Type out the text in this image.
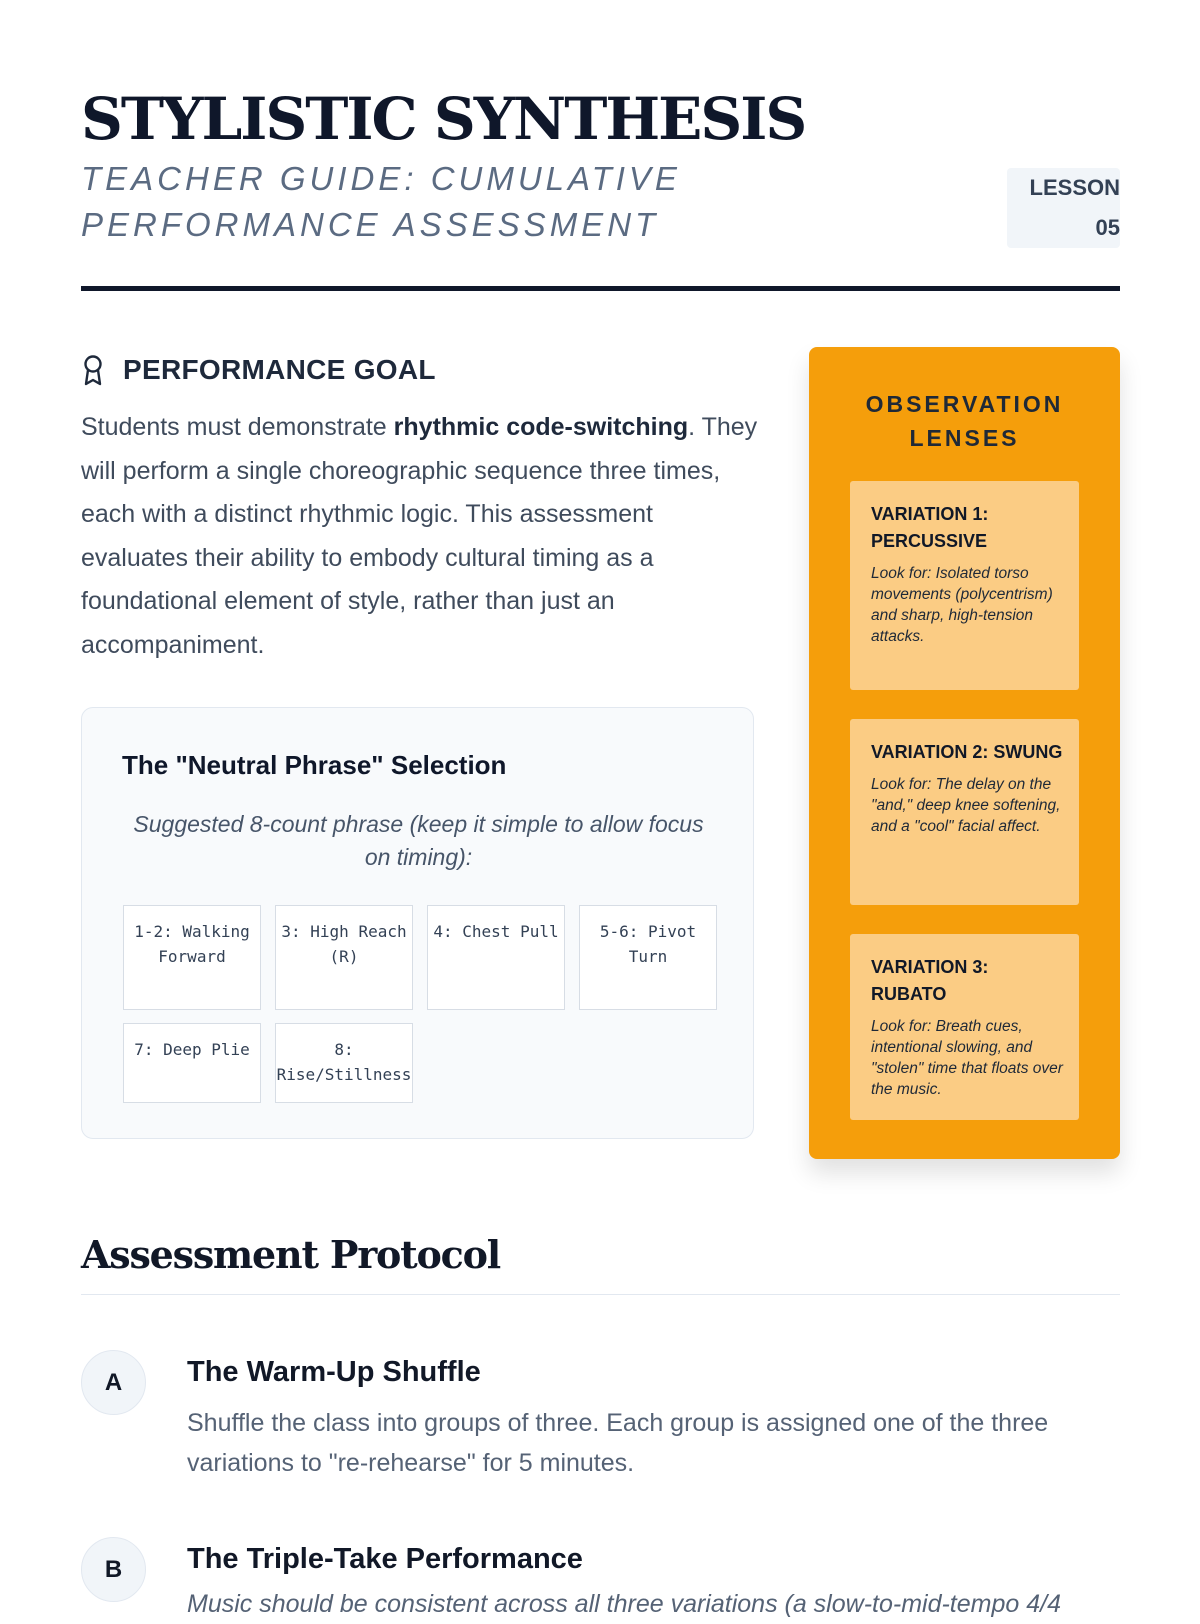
STYLISTIC SYNTHESIS

TEACHER GUIDE: CUMULATIVE PERFORMANCE ASSESSMENT

LESSON
05
PERFORMANCE GOAL

Students must demonstrate rhythmic code-switching. They will perform a single choreographic sequence three times, each with a distinct rhythmic logic. This assessment evaluates their ability to embody cultural timing as a foundational element of style, rather than just an accompaniment.

The "Neutral Phrase" Selection

Suggested 8-count phrase (keep it simple to allow focus on timing):

1-2: Walking Forward
3: High Reach (R)
4: Chest Pull	5-6: Pivot Turn
7: Deep Plie	8: Rise/Stillness
OBSERVATION LENSES

VARIATION 1: PERCUSSIVE

Look for: Isolated torso movements (polycentrism) and sharp, high-tension attacks.

VARIATION 2: SWUNG

Look for: The delay on the "and," deep knee softening, and a "cool" facial affect.

VARIATION 3: RUBATO

Look for: Breath cues, intentional slowing, and "stolen" time that floats over the music.

Assessment Protocol
A	The Warm-Up Shuffle

Shuffle the class into groups of three. Each group is assigned one of the three variations to "re-rehearse" for 5 minutes.

B	The Triple-Take Performance

Music should be consistent across all three variations (a slow-to-mid-tempo 4/4
